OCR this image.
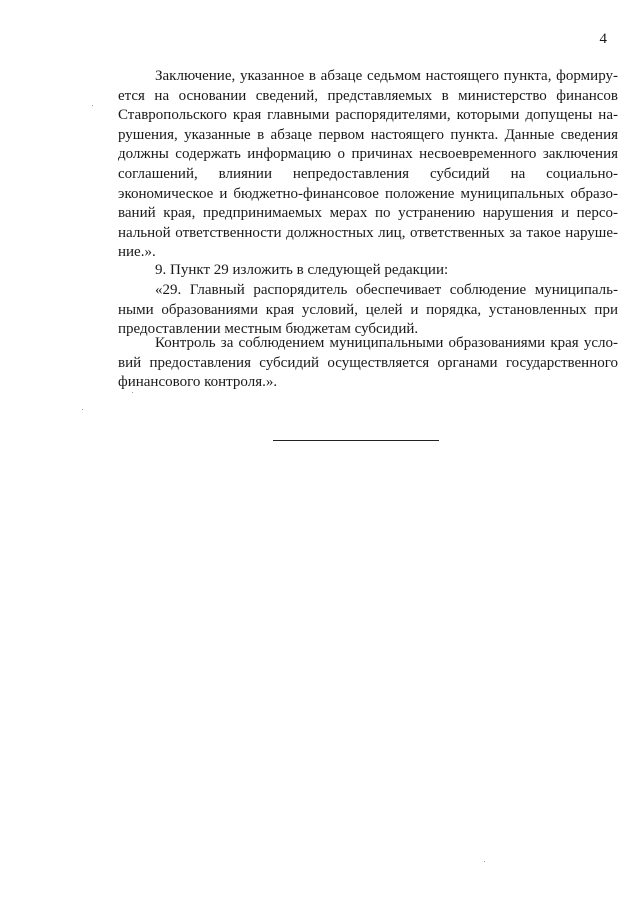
4
Заключение, указанное в абзаце седьмом настоящего пункта, формиру-
ется на основании сведений, представляемых в министерство финансов
Ставропольского края главными распорядителями, которыми допущены на-
рушения, указанные в абзаце первом настоящего пункта. Данные сведения
должны содержать информацию о причинах несвоевременного заключения
соглашений, влиянии непредоставления субсидий на социально-
экономическое и бюджетно-финансовое положение муниципальных образо-
ваний края, предпринимаемых мерах по устранению нарушения и персо-
нальной ответственности должностных лиц, ответственных за такое наруше-
ние.».
9. Пункт 29 изложить в следующей редакции:
«29. Главный распорядитель обеспечивает соблюдение муниципаль-
ными образованиями края условий, целей и порядка, установленных при
предоставлении местным бюджетам субсидий.
Контроль за соблюдением муниципальными образованиями края усло-
вий предоставления субсидий осуществляется органами государственного
финансового контроля.».
